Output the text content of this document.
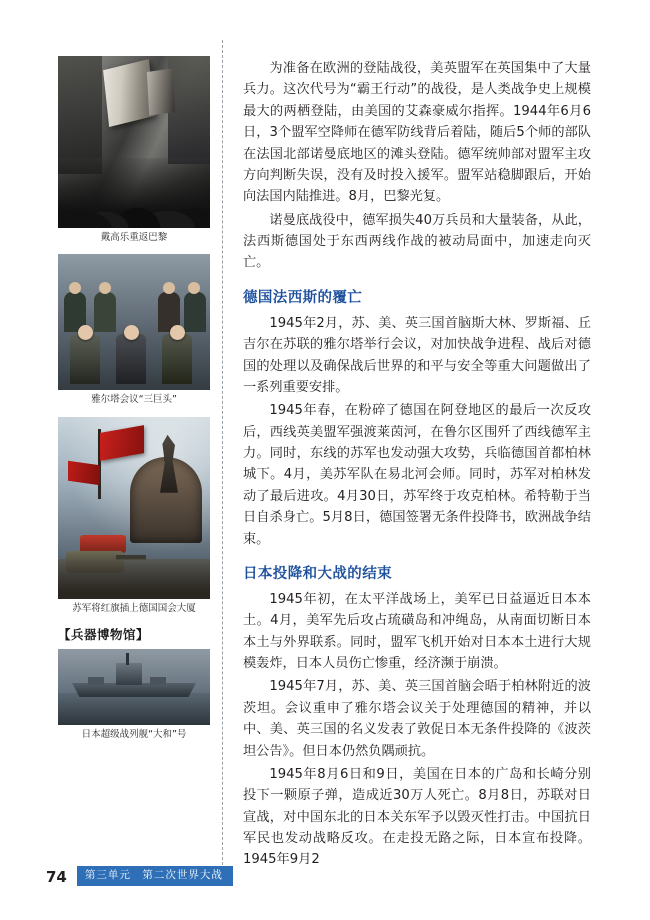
戴高乐重返巴黎
雅尔塔会议“三巨头”
苏军将红旗插上德国国会大厦
【兵器博物馆】
日本超级战列舰“大和”号

为准备在欧洲的登陆战役，美英盟军在英国集中了大量兵力。这次代号为“霸王行动”的战役，是人类战争史上规模最大的两栖登陆，由美国的艾森豪威尔指挥。1944年6月6日，3个盟军空降师在德军防线背后着陆，随后5个师的部队在法国北部诺曼底地区的滩头登陆。德军统帅部对盟军主攻方向判断失误，没有及时投入援军。盟军站稳脚跟后，开始向法国内陆推进。8月，巴黎光复。

诺曼底战役中，德军损失40万兵员和大量装备，从此，法西斯德国处于东西两线作战的被动局面中，加速走向灭亡。

德国法西斯的覆亡

1945年2月，苏、美、英三国首脑斯大林、罗斯福、丘吉尔在苏联的雅尔塔举行会议，对加快战争进程、战后对德国的处理以及确保战后世界的和平与安全等重大问题做出了一系列重要安排。

1945年春，在粉碎了德国在阿登地区的最后一次反攻后，西线英美盟军强渡莱茵河，在鲁尔区围歼了西线德军主力。同时，东线的苏军也发动强大攻势，兵临德国首都柏林城下。4月，美苏军队在易北河会师。同时，苏军对柏林发动了最后进攻。4月30日，苏军终于攻克柏林。希特勒于当日自杀身亡。5月8日，德国签署无条件投降书，欧洲战争结束。

日本投降和大战的结束

1945年初，在太平洋战场上，美军已日益逼近日本本土。4月，美军先后攻占琉磺岛和冲绳岛，从南面切断日本本土与外界联系。同时，盟军飞机开始对日本本土进行大规模轰炸，日本人员伤亡惨重，经济濒于崩溃。

1945年7月，苏、美、英三国首脑会晤于柏林附近的波茨坦。会议重申了雅尔塔会议关于处理德国的精神，并以中、美、英三国的名义发表了敦促日本无条件投降的《波茨坦公告》。但日本仍然负隅顽抗。

1945年8月6日和9日，美国在日本的广岛和长崎分别投下一颗原子弹，造成近30万人死亡。8月8日，苏联对日宣战，对中国东北的日本关东军予以毁灭性打击。中国抗日军民也发动战略反攻。在走投无路之际，日本宣布投降。1945年9月2

74	第三单元　第二次世界大战
